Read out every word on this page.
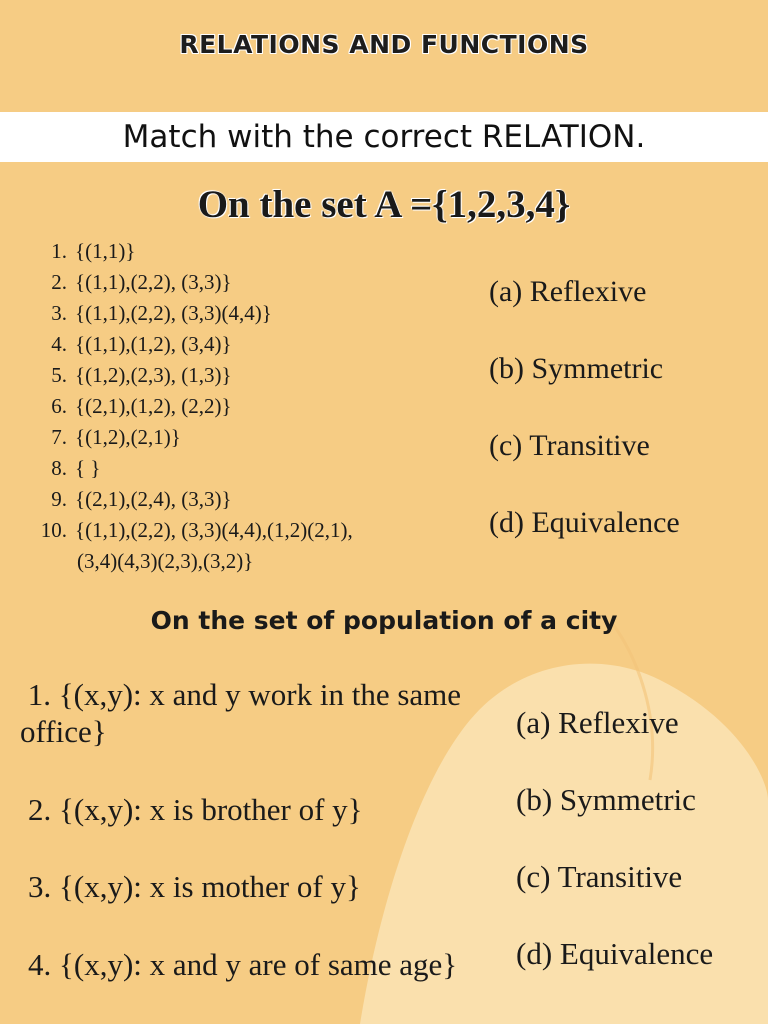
RELATIONS AND FUNCTIONS
Match with the correct RELATION.
On the set A ={1,2,3,4}
1. {(1,1)}
2. {(1,1),(2,2), (3,3)}
3. {(1,1),(2,2), (3,3)(4,4)}
4. {(1,1),(1,2), (3,4)}
5. {(1,2),(2,3), (1,3)}
6. {(2,1),(1,2), (2,2)}
7. {(1,2),(2,1)}
8. { }
9. {(2,1),(2,4), (3,3)}
10. {(1,1),(2,2), (3,3)(4,4),(1,2)(2,1),
(3,4)(4,3)(2,3),(3,2)}
(a) Reflexive
(b) Symmetric
(c) Transitive
(d) Equivalence
On the set of population of a city
1. {(x,y): x and y work in the same
office}
2. {(x,y): x is brother of y}
3. {(x,y): x is mother of y}
4. {(x,y): x and y are of same age}
(a) Reflexive
(b) Symmetric
(c) Transitive
(d) Equivalence
